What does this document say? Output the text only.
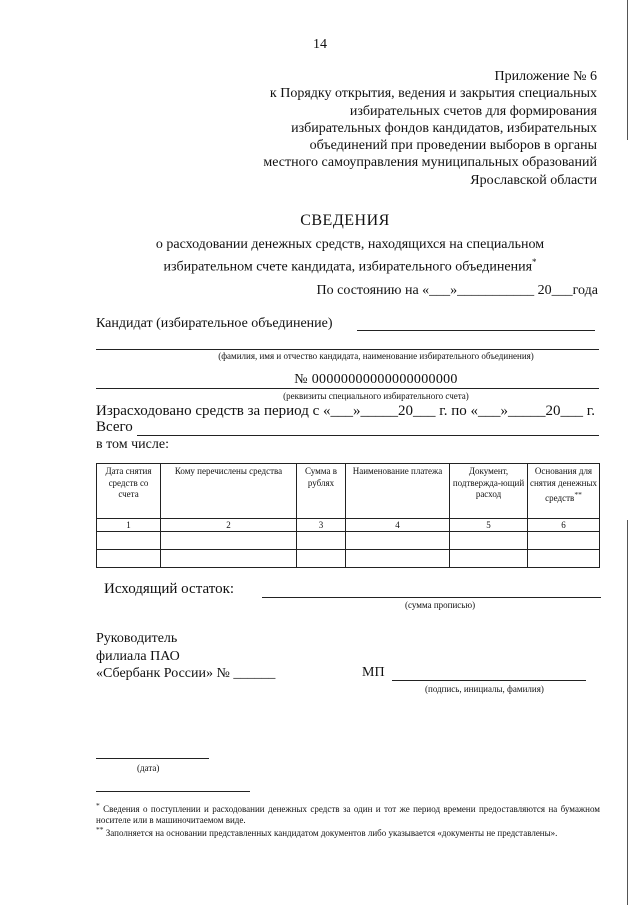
14
Приложение № 6
к Порядку открытия, ведения и закрытия специальных
избирательных счетов для формирования
избирательных фондов кандидатов, избирательных
объединений при проведении выборов в органы
местного самоуправления муниципальных образований
Ярославской области
СВЕДЕНИЯ
о расходовании денежных средств, находящихся на специальном
избирательном счете кандидата, избирательного объединения*
По состоянию на «___»___________ 20___года
Кандидат (избирательное объединение)
(фамилия, имя и отчество кандидата, наименование избирательного объединения)
№ 00000000000000000000
(реквизиты специального избирательного счета)
Израсходовано средств за период с «___»_____20___ г. по «___»_____20___ г.
Всего
в том числе:
Дата снятия средств со счета	Кому перечислены средства	Сумма в рублях	Наименование платежа	Документ, подтвержда-ющий расход	Основания для снятия денежных средств**
1	2	3	4	5	6

Исходящий остаток:
(сумма прописью)
Руководитель
филиала ПАО
«Сбербанк России» № ______	МП
(подпись, инициалы, фамилия)
(дата)
* Сведения о поступлении и расходовании денежных средств за один и тот же период времени предоставляются на бумажном носителе или в машиночитаемом виде.
** Заполняется на основании представленных кандидатом документов либо указывается «документы не представлены».
